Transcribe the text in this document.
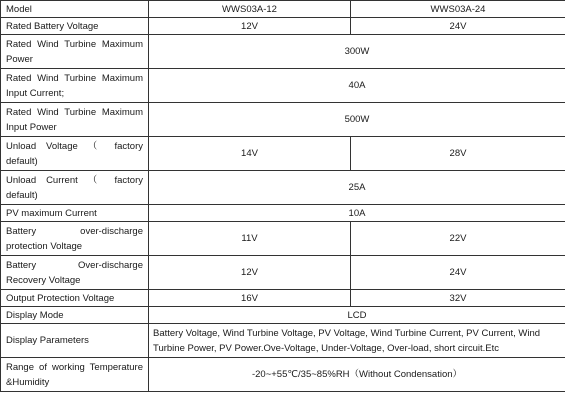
Model	WWS03A-12	WWS03A-24
Rated Battery Voltage	12V	24V
Rated Wind Turbine Maximum Power	300W	
Rated Wind Turbine Maximum Input Current;	40A	
Rated Wind Turbine Maximum Input Power	500W	
Unload Voltage （ factory default)	14V	28V
Unload Current （ factory default)	25A	
PV maximum Current	10A	
Battery over-discharge protection Voltage	11V	22V
Battery Over-discharge Recovery Voltage	12V	24V
Output Protection Voltage	16V	32V
Display Mode	LCD	
Display Parameters	Battery Voltage, Wind Turbine Voltage, PV Voltage, Wind Turbine Current, PV Current, Wind Turbine Power, PV Power.Ove-Voltage, Under-Voltage, Over-load, short circuit.Etc	
Range of working Temperature &Humidity	-20~+55℃/35~85%RH（Without Condensation）	
